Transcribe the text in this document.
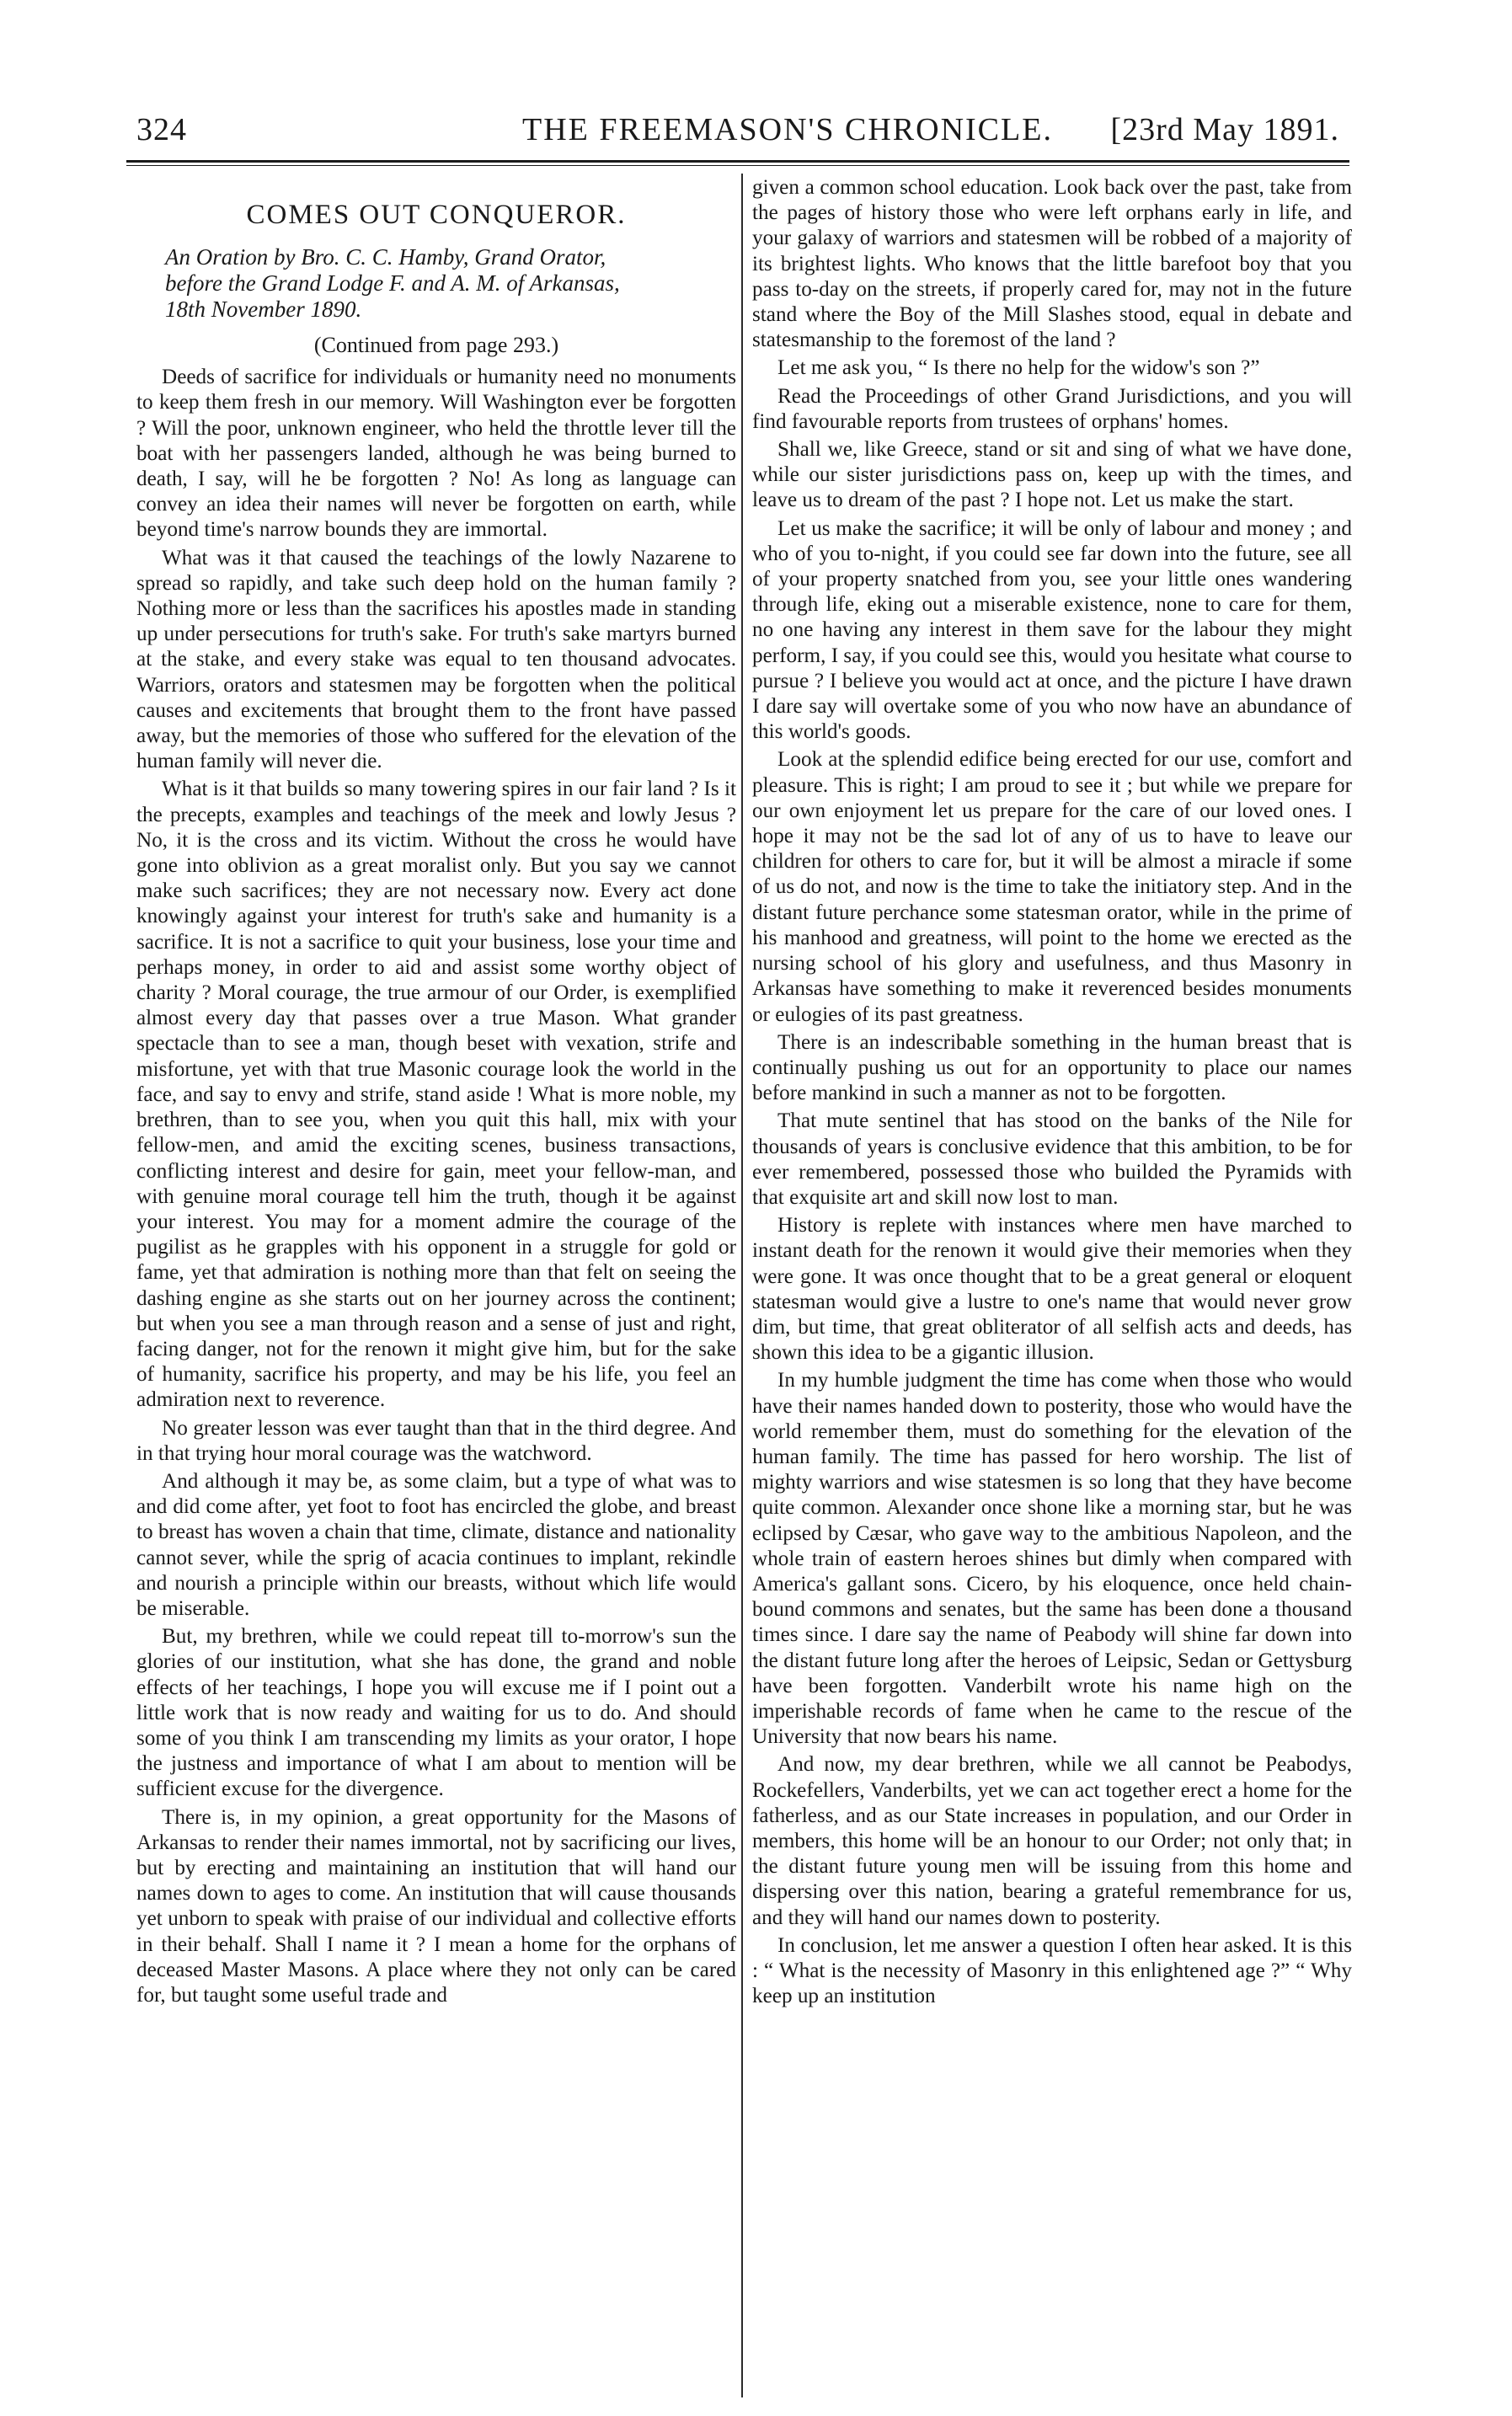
324	THE FREEMASON'S CHRONICLE. [23rd May 1891.
COMES OUT CONQUEROR.
An Oration by Bro. C. C. Hamby, Grand Orator,
before the Grand Lodge F. and A. M. of Arkansas,
18th November 1890.
(Continued from page 293.)

Deeds of sacrifice for individuals or humanity need no monuments to keep them fresh in our memory. Will Washington ever be forgotten ? Will the poor, unknown engineer, who held the throttle lever till the boat with her passengers landed, although he was being burned to death, I say, will he be forgotten ? No! As long as language can convey an idea their names will never be forgotten on earth, while beyond time's narrow bounds they are immortal.

What was it that caused the teachings of the lowly Nazarene to spread so rapidly, and take such deep hold on the human family ? Nothing more or less than the sacrifices his apostles made in standing up under persecutions for truth's sake. For truth's sake martyrs burned at the stake, and every stake was equal to ten thousand advocates. Warriors, orators and statesmen may be forgotten when the political causes and excitements that brought them to the front have passed away, but the memories of those who suffered for the elevation of the human family will never die.

What is it that builds so many towering spires in our fair land ? Is it the precepts, examples and teachings of the meek and lowly Jesus ? No, it is the cross and its victim. Without the cross he would have gone into oblivion as a great moralist only. But you say we cannot make such sacrifices; they are not necessary now. Every act done knowingly against your interest for truth's sake and humanity is a sacrifice. It is not a sacrifice to quit your business, lose your time and perhaps money, in order to aid and assist some worthy object of charity ? Moral courage, the true armour of our Order, is exemplified almost every day that passes over a true Mason. What grander spectacle than to see a man, though beset with vexation, strife and misfortune, yet with that true Masonic courage look the world in the face, and say to envy and strife, stand aside ! What is more noble, my brethren, than to see you, when you quit this hall, mix with your fellow-men, and amid the exciting scenes, business transactions, conflicting interest and desire for gain, meet your fellow-man, and with genuine moral courage tell him the truth, though it be against your interest. You may for a moment admire the courage of the pugilist as he grapples with his opponent in a struggle for gold or fame, yet that admiration is nothing more than that felt on seeing the dashing engine as she starts out on her journey across the continent; but when you see a man through reason and a sense of just and right, facing danger, not for the renown it might give him, but for the sake of humanity, sacrifice his property, and may be his life, you feel an admiration next to reverence.

No greater lesson was ever taught than that in the third degree. And in that trying hour moral courage was the watchword.

And although it may be, as some claim, but a type of what was to and did come after, yet foot to foot has encircled the globe, and breast to breast has woven a chain that time, climate, distance and nationality cannot sever, while the sprig of acacia continues to implant, rekindle and nourish a principle within our breasts, without which life would be miserable.

But, my brethren, while we could repeat till to-morrow's sun the glories of our institution, what she has done, the grand and noble effects of her teachings, I hope you will excuse me if I point out a little work that is now ready and waiting for us to do. And should some of you think I am transcending my limits as your orator, I hope the justness and importance of what I am about to mention will be sufficient excuse for the divergence.

There is, in my opinion, a great opportunity for the Masons of Arkansas to render their names immortal, not by sacrificing our lives, but by erecting and maintaining an institution that will hand our names down to ages to come. An institution that will cause thousands yet unborn to speak with praise of our individual and collective efforts in their behalf. Shall I name it ? I mean a home for the orphans of deceased Master Masons. A place where they not only can be cared for, but taught some useful trade and

given a common school education. Look back over the past, take from the pages of history those who were left orphans early in life, and your galaxy of warriors and statesmen will be robbed of a majority of its brightest lights. Who knows that the little barefoot boy that you pass to-day on the streets, if properly cared for, may not in the future stand where the Boy of the Mill Slashes stood, equal in debate and statesmanship to the foremost of the land ?

Let me ask you, “ Is there no help for the widow's son ?”

Read the Proceedings of other Grand Jurisdictions, and you will find favourable reports from trustees of orphans' homes.

Shall we, like Greece, stand or sit and sing of what we have done, while our sister jurisdictions pass on, keep up with the times, and leave us to dream of the past ? I hope not. Let us make the start.

Let us make the sacrifice; it will be only of labour and money ; and who of you to-night, if you could see far down into the future, see all of your property snatched from you, see your little ones wandering through life, eking out a miserable existence, none to care for them, no one having any interest in them save for the labour they might perform, I say, if you could see this, would you hesitate what course to pursue ? I believe you would act at once, and the picture I have drawn I dare say will overtake some of you who now have an abundance of this world's goods.

Look at the splendid edifice being erected for our use, comfort and pleasure. This is right; I am proud to see it ; but while we prepare for our own enjoyment let us prepare for the care of our loved ones. I hope it may not be the sad lot of any of us to have to leave our children for others to care for, but it will be almost a miracle if some of us do not, and now is the time to take the initiatory step. And in the distant future perchance some statesman orator, while in the prime of his manhood and greatness, will point to the home we erected as the nursing school of his glory and usefulness, and thus Masonry in Arkansas have something to make it reverenced besides monuments or eulogies of its past greatness.

There is an indescribable something in the human breast that is continually pushing us out for an opportunity to place our names before mankind in such a manner as not to be forgotten.

That mute sentinel that has stood on the banks of the Nile for thousands of years is conclusive evidence that this ambition, to be for ever remembered, possessed those who builded the Pyramids with that exquisite art and skill now lost to man.

History is replete with instances where men have marched to instant death for the renown it would give their memories when they were gone. It was once thought that to be a great general or eloquent statesman would give a lustre to one's name that would never grow dim, but time, that great obliterator of all selfish acts and deeds, has shown this idea to be a gigantic illusion.

In my humble judgment the time has come when those who would have their names handed down to posterity, those who would have the world remember them, must do something for the elevation of the human family. The time has passed for hero worship. The list of mighty warriors and wise statesmen is so long that they have become quite common. Alexander once shone like a morning star, but he was eclipsed by Cæsar, who gave way to the ambitious Napoleon, and the whole train of eastern heroes shines but dimly when compared with America's gallant sons. Cicero, by his eloquence, once held chain-bound commons and senates, but the same has been done a thousand times since. I dare say the name of Peabody will shine far down into the distant future long after the heroes of Leipsic, Sedan or Gettysburg have been forgotten. Vanderbilt wrote his name high on the imperishable records of fame when he came to the rescue of the University that now bears his name.

And now, my dear brethren, while we all cannot be Peabodys, Rockefellers, Vanderbilts, yet we can act together erect a home for the fatherless, and as our State increases in population, and our Order in members, this home will be an honour to our Order; not only that; in the distant future young men will be issuing from this home and dispersing over this nation, bearing a grateful remembrance for us, and they will hand our names down to posterity.

In conclusion, let me answer a question I often hear asked. It is this : “ What is the necessity of Masonry in this enlightened age ?” “ Why keep up an institution
